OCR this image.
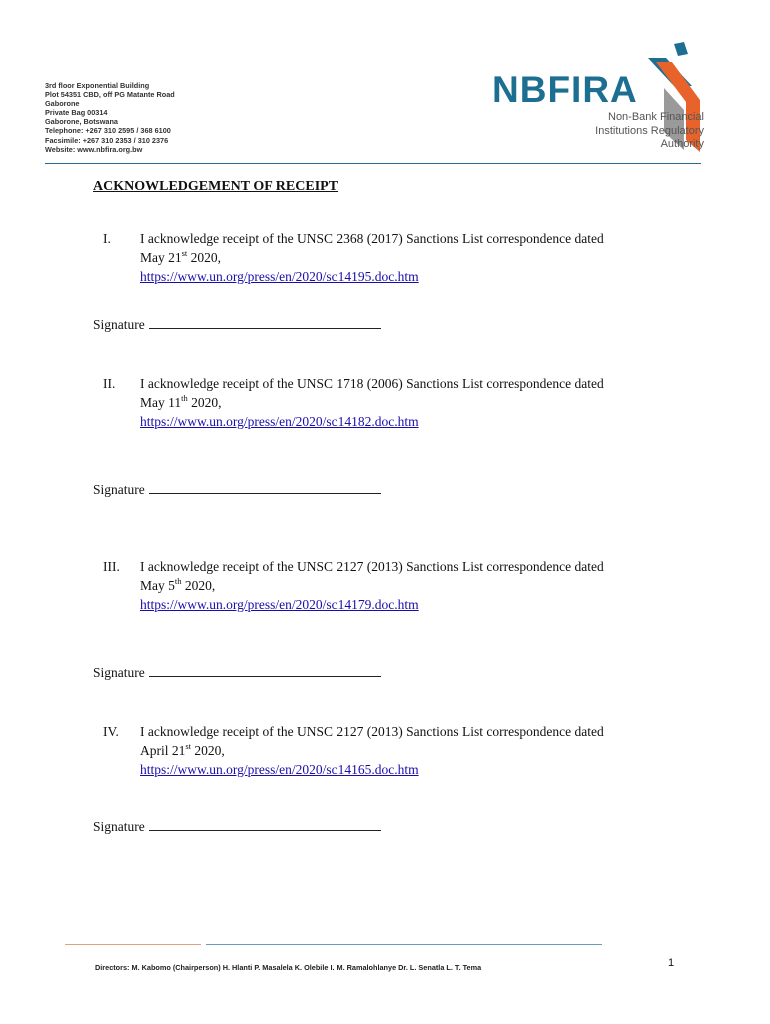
3rd floor Exponential Building
Plot 54351 CBD, off PG Matante Road
Gaborone
Private Bag 00314
Gaborone, Botswana
Telephone: +267 310 2595 / 368 6100
Facsimile: +267 310 2353 / 310 2376
Website: www.nbfira.org.bw
NBFIRA
Non-Bank Financial
Institutions Regulatory
Authority
ACKNOWLEDGEMENT OF RECEIPT
I. I acknowledge receipt of the UNSC 2368 (2017) Sanctions List correspondence dated
May 21st 2020,
https://www.un.org/press/en/2020/sc14195.doc.htm
Signature
II. I acknowledge receipt of the UNSC 1718 (2006) Sanctions List correspondence dated
May 11th 2020,
https://www.un.org/press/en/2020/sc14182.doc.htm
Signature
III. I acknowledge receipt of the UNSC 2127 (2013) Sanctions List correspondence dated
May 5th 2020,
https://www.un.org/press/en/2020/sc14179.doc.htm
Signature
IV. I acknowledge receipt of the UNSC 2127 (2013) Sanctions List correspondence dated
April 21st 2020,
https://www.un.org/press/en/2020/sc14165.doc.htm
Signature
Directors: M. Kabomo (Chairperson) H. Hlanti P. Masalela K. Olebile I. M. Ramalohlanye Dr. L. Senatla L. T. Tema	1
